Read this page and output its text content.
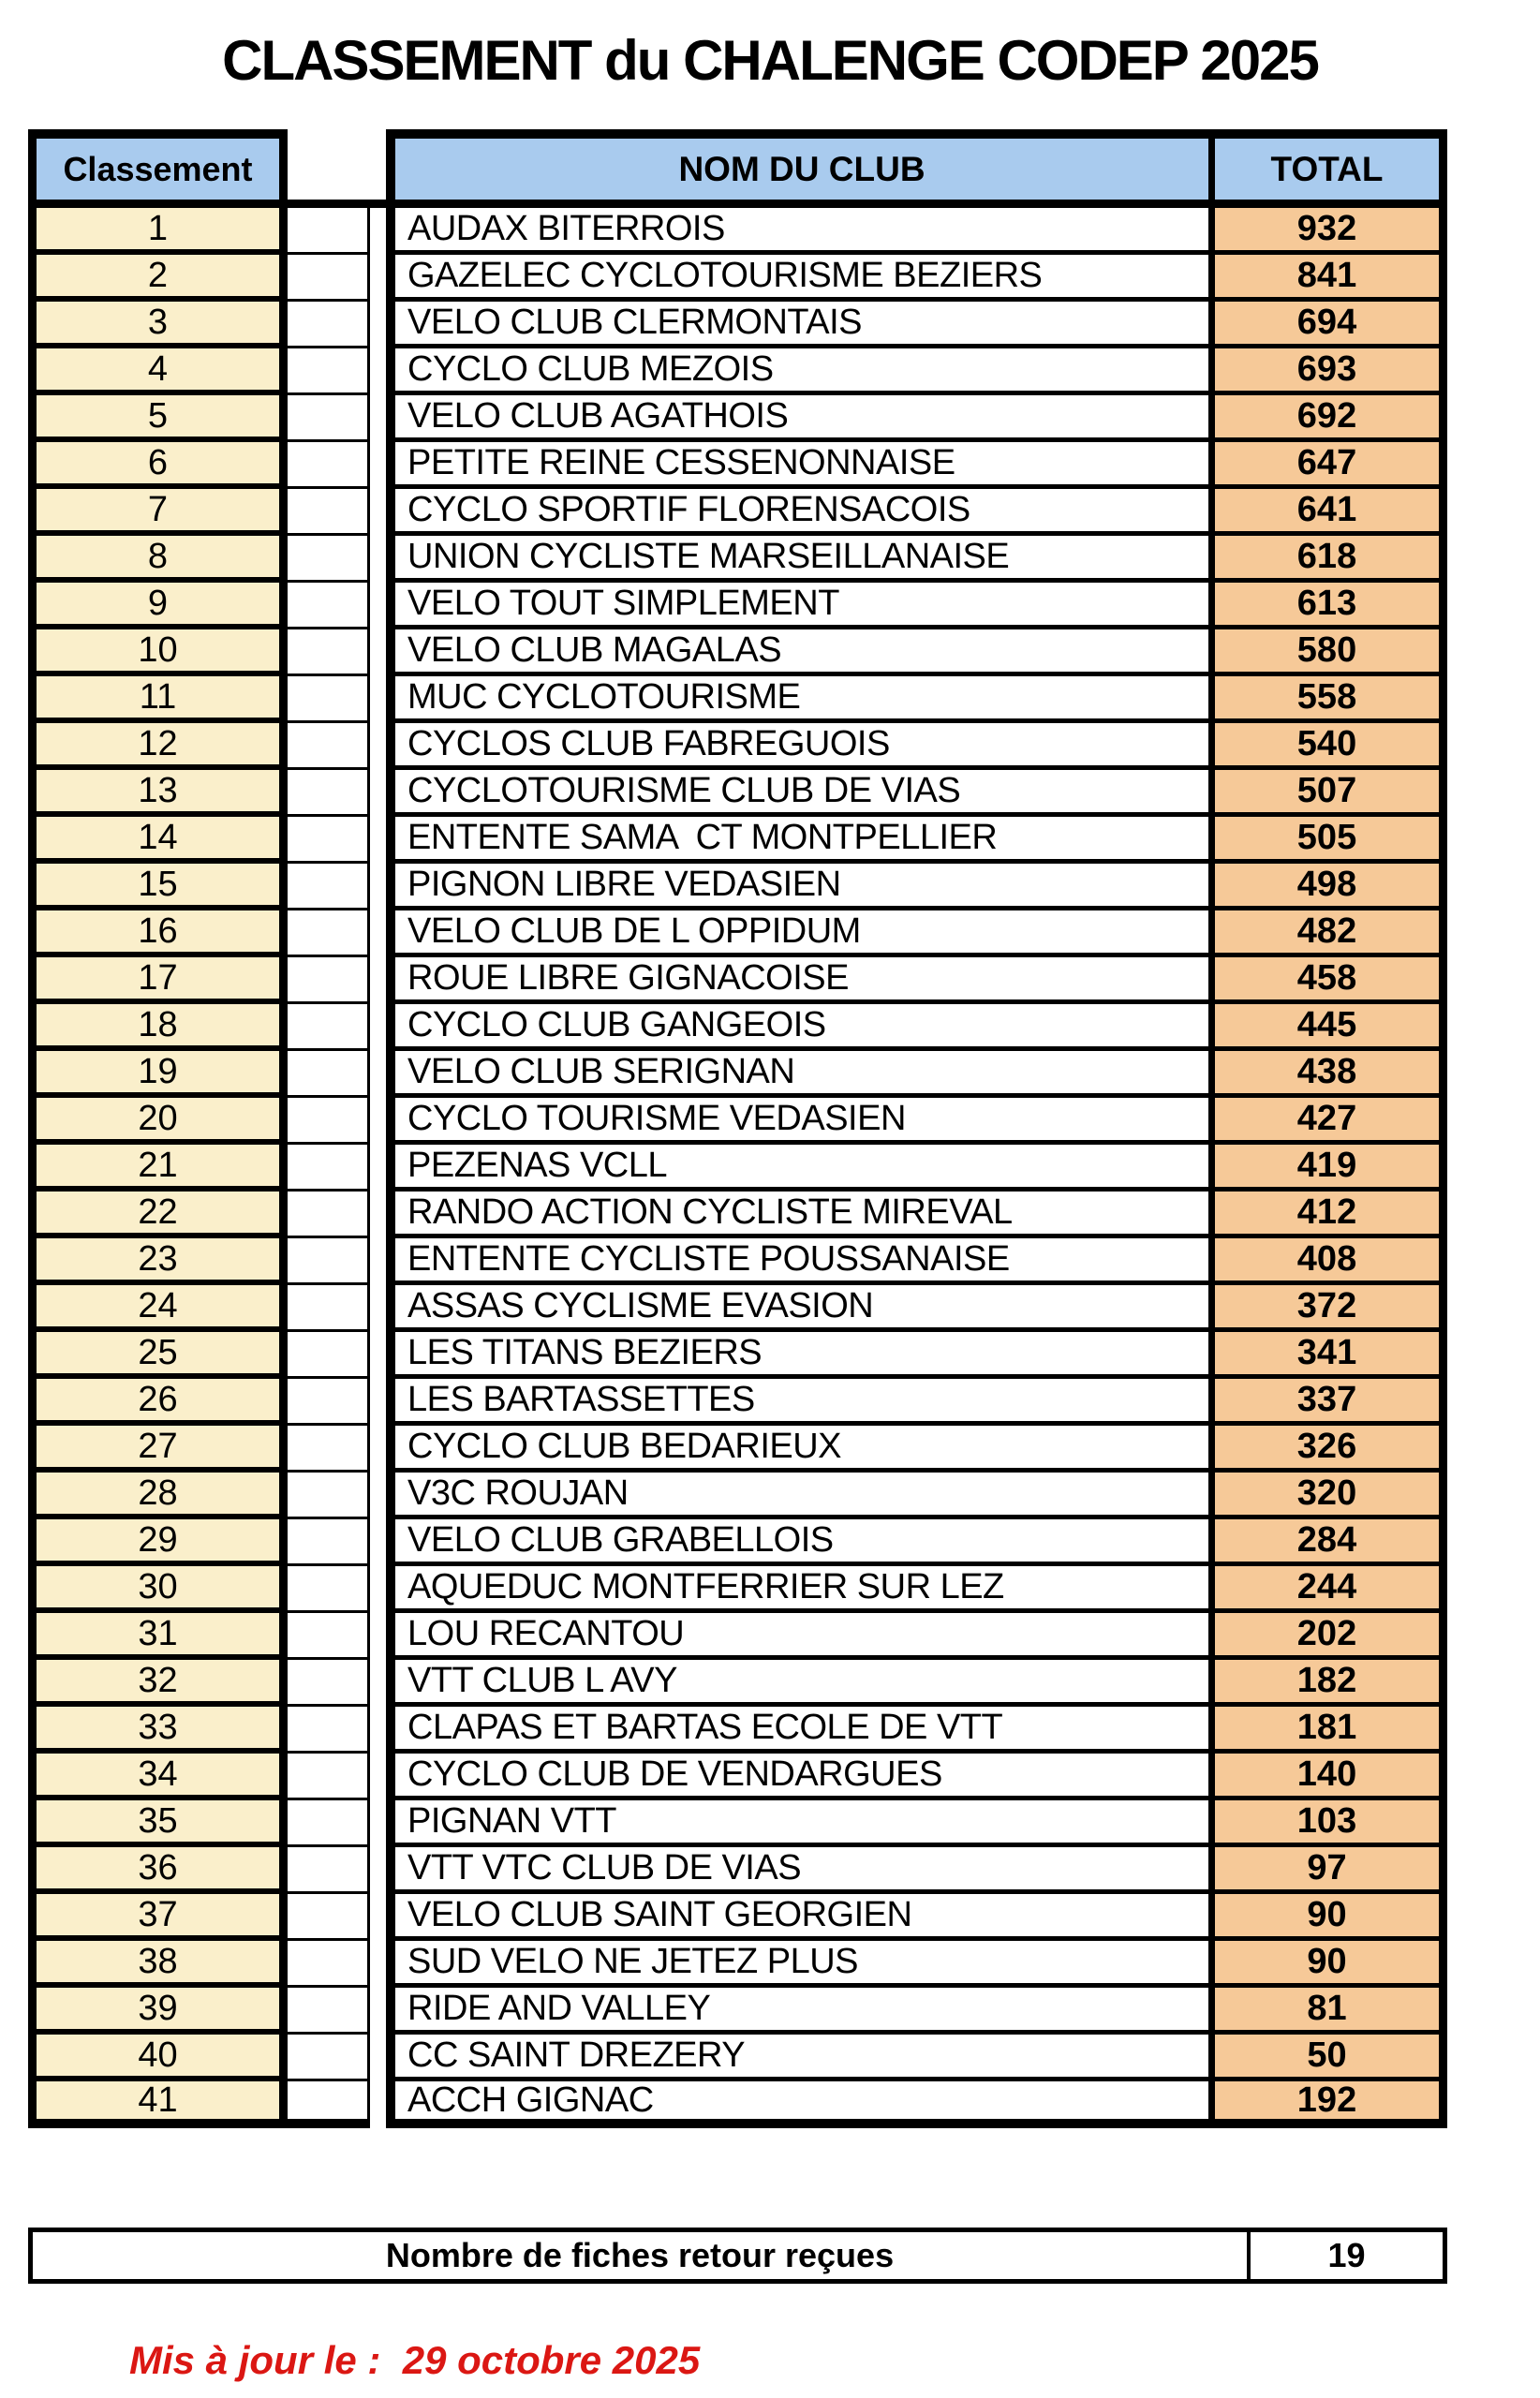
CLASSEMENT du CHALENGE CODEP 2025
Classement	NOM DU CLUB	TOTAL
1	AUDAX BITERROIS	932
2	GAZELEC CYCLOTOURISME BEZIERS	841
3	VELO CLUB CLERMONTAIS	694
4	CYCLO CLUB MEZOIS	693
5	VELO CLUB AGATHOIS	692
6	PETITE REINE CESSENONNAISE	647
7	CYCLO SPORTIF FLORENSACOIS	641
8	UNION CYCLISTE MARSEILLANAISE	618
9	VELO TOUT SIMPLEMENT	613
10	VELO CLUB MAGALAS	580
11	MUC CYCLOTOURISME	558
12	CYCLOS CLUB FABREGUOIS	540
13	CYCLOTOURISME CLUB DE VIAS	507
14	ENTENTE SAMA  CT MONTPELLIER	505
15	PIGNON LIBRE VEDASIEN	498
16	VELO CLUB DE L OPPIDUM	482
17	ROUE LIBRE GIGNACOISE	458
18	CYCLO CLUB GANGEOIS	445
19	VELO CLUB SERIGNAN	438
20	CYCLO TOURISME VEDASIEN	427
21	PEZENAS VCLL	419
22	RANDO ACTION CYCLISTE MIREVAL	412
23	ENTENTE CYCLISTE POUSSANAISE	408
24	ASSAS CYCLISME EVASION	372
25	LES TITANS BEZIERS	341
26	LES BARTASSETTES	337
27	CYCLO CLUB BEDARIEUX	326
28	V3C ROUJAN	320
29	VELO CLUB GRABELLOIS	284
30	AQUEDUC MONTFERRIER SUR LEZ	244
31	LOU RECANTOU	202
32	VTT CLUB L AVY	182
33	CLAPAS ET BARTAS ECOLE DE VTT	181
34	CYCLO CLUB DE VENDARGUES	140
35	PIGNAN VTT	103
36	VTT VTC CLUB DE VIAS	97
37	VELO CLUB SAINT GEORGIEN	90
38	SUD VELO NE JETEZ PLUS	90
39	RIDE AND VALLEY	81
40	CC SAINT DREZERY	50
41	ACCH GIGNAC	192
Nombre de fiches retour reçues	19
Mis à jour le :  29 octobre 2025
